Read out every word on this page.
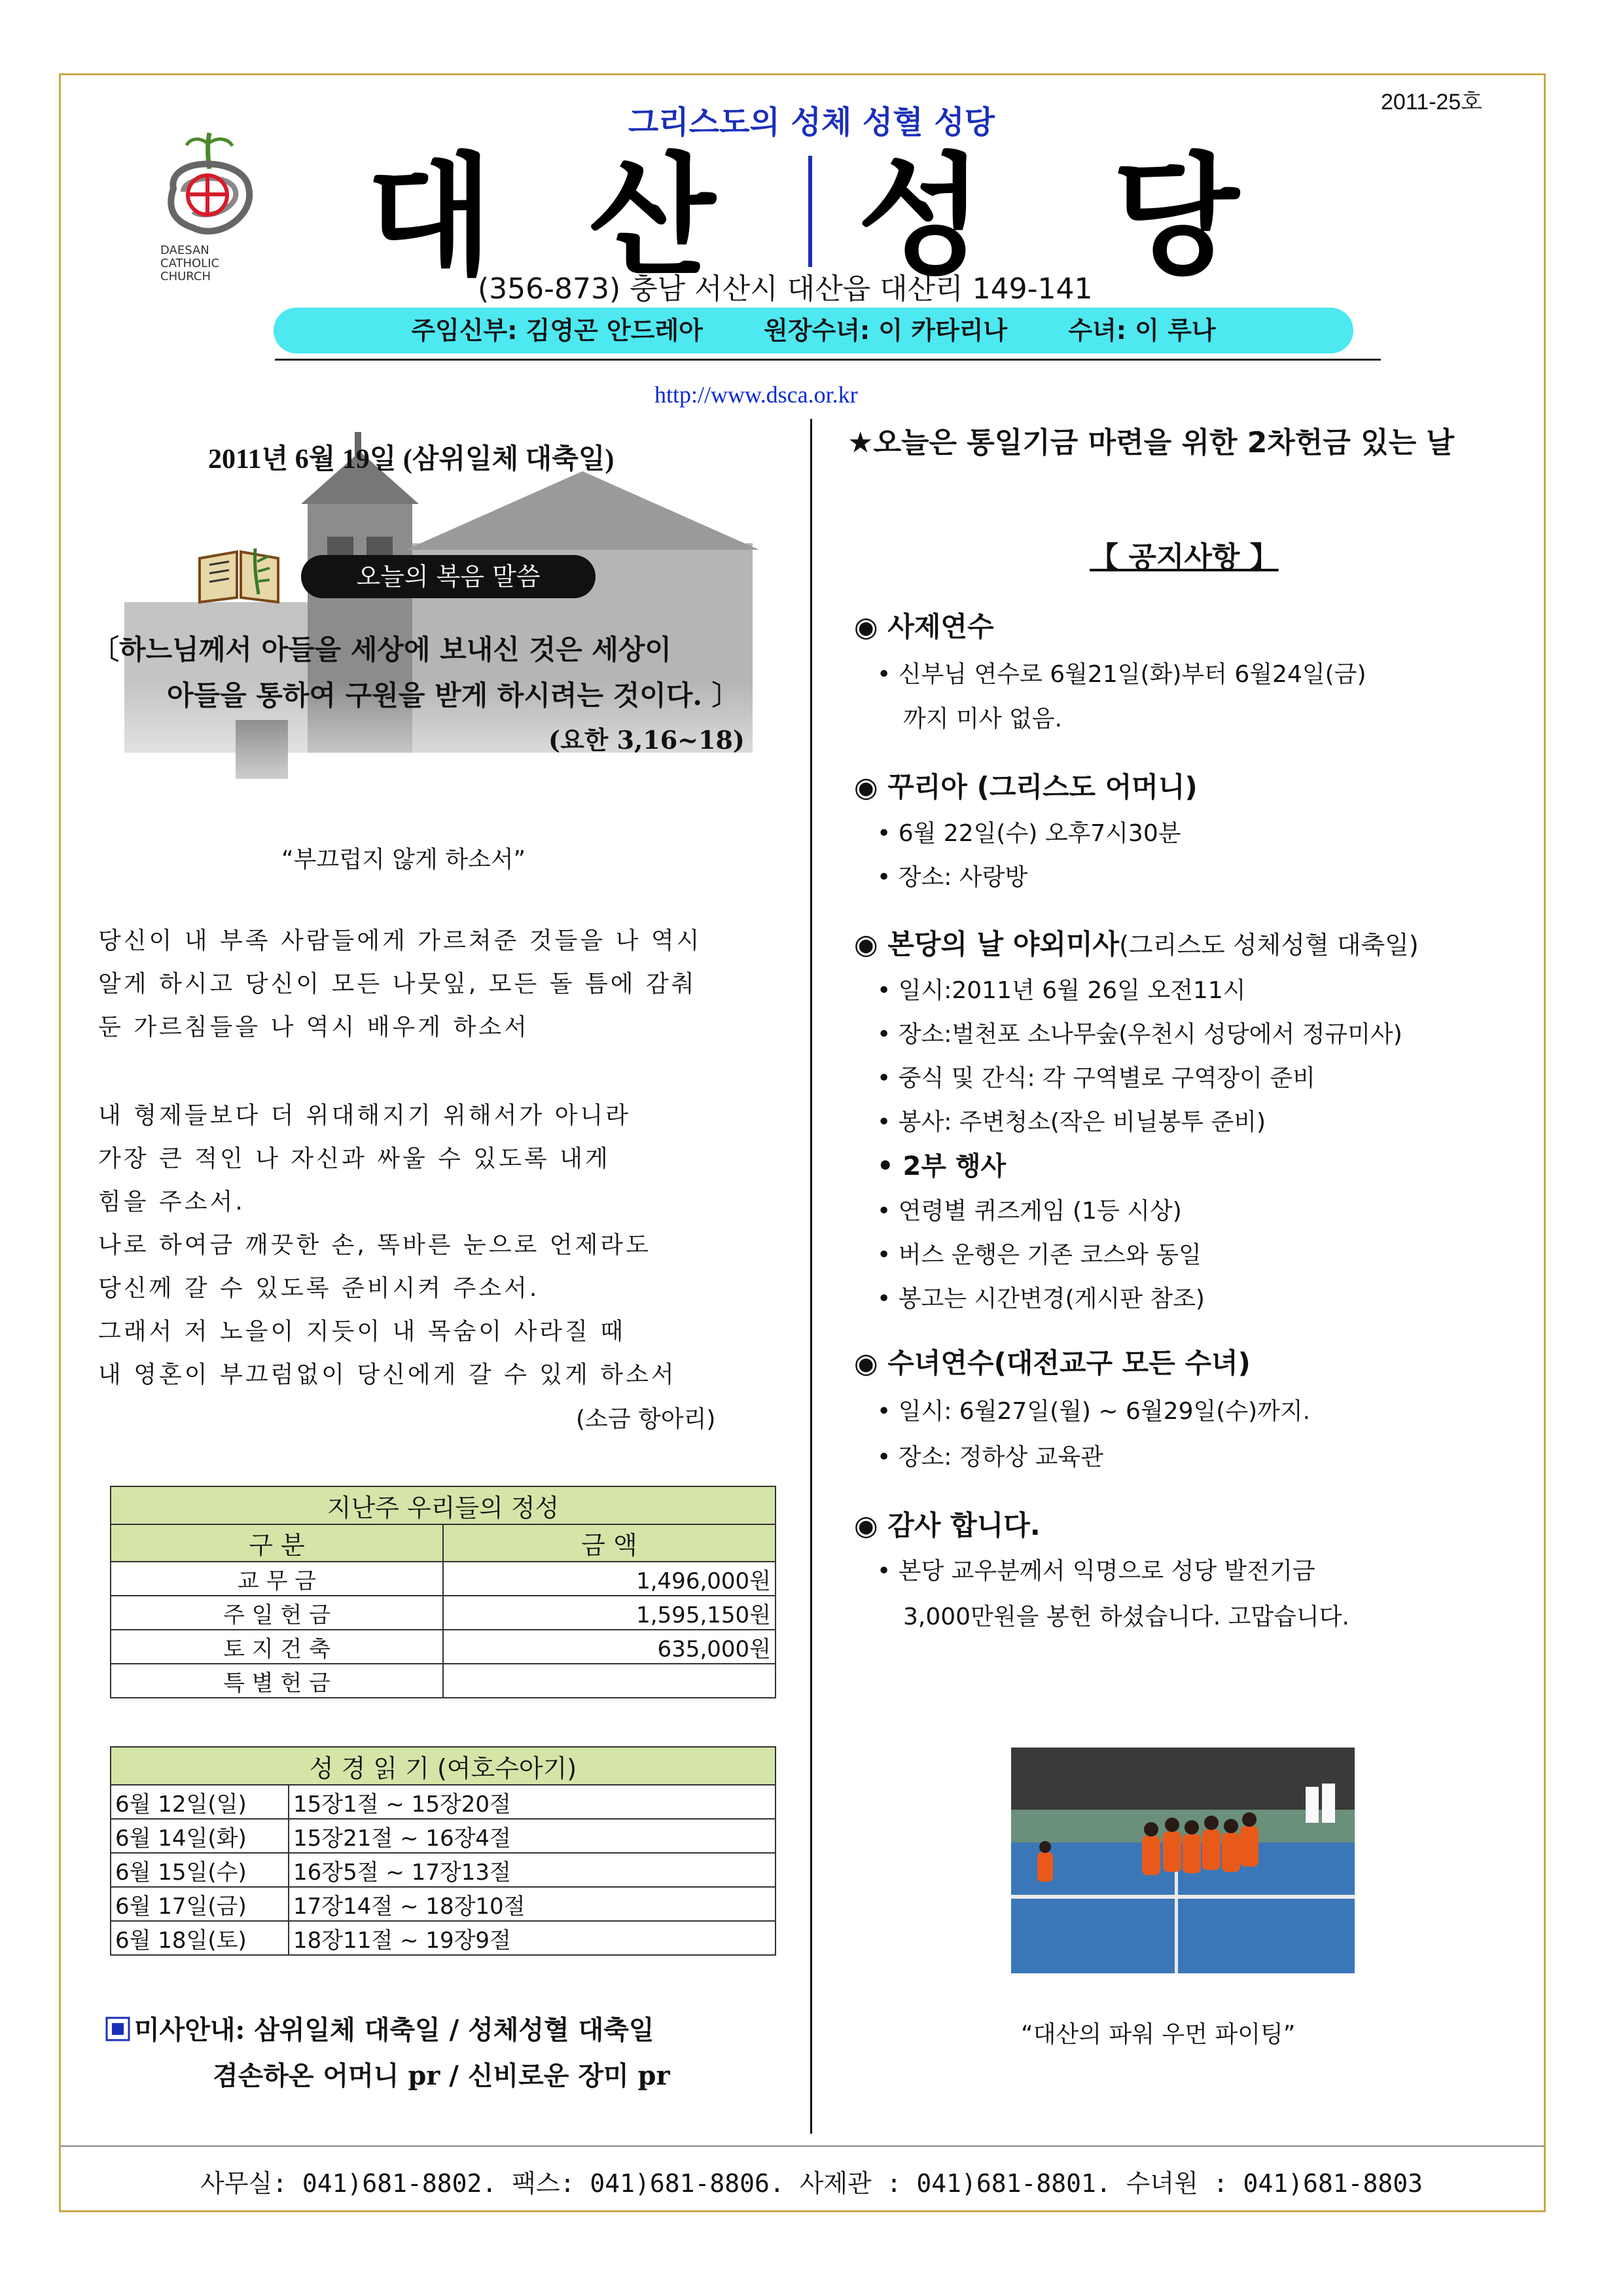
2011-25호
DAESAN
CATHOLIC
CHURCH
그리스도의 성체 성혈 성당
대 산 성 당
(356-873) 충남 서산시 대산읍 대산리 149-141
주임신부: 김영곤 안드레아 원장수녀: 이 카타리나 수녀: 이 루나
http://www.dsca.or.kr
2011년 6월 19일 (삼위일체 대축일)
오늘의 복음 말씀
〔하느님께서 아들을 세상에 보내신 것은 세상이
아들을 통하여 구원을 받게 하시려는 것이다. 〕
(요한 3,16~18)
“부끄럽지 않게 하소서”
당신이 내 부족 사람들에게 가르쳐준 것들을 나 역시
알게 하시고 당신이 모든 나뭇잎, 모든 돌 틈에 감춰
둔 가르침들을 나 역시 배우게 하소서
내 형제들보다 더 위대해지기 위해서가 아니라
가장 큰 적인 나 자신과 싸울 수 있도록 내게
힘을 주소서.
나로 하여금 깨끗한 손, 똑바른 눈으로 언제라도
당신께 갈 수 있도록 준비시켜 주소서.
그래서 저 노을이 지듯이 내 목숨이 사라질 때
내 영혼이 부끄럼없이 당신에게 갈 수 있게 하소서
(소금 항아리)
지난주 우리들의 정성	
구 분	금 액
교 무 금	1,496,000원
주 일 헌 금	1,595,150원
토 지 건 축	635,000원
특 별 헌 금	
성 경 읽 기 (여호수아기)	
6월 12일(일)	15장1절 ~ 15장20절
6월 14일(화)	15장21절 ~ 16장4절
6월 15일(수)	16장5절 ~ 17장13절
6월 17일(금)	17장14절 ~ 18장10절
6월 18일(토)	18장11절 ~ 19장9절
미사안내: 삼위일체 대축일 / 성체성혈 대축일
겸손하온 어머니 pr / 신비로운 장미 pr
★오늘은 통일기금 마련을 위한 2차헌금 있는 날
【 공지사항 】
◉ 사제연수
• 신부님 연수로 6월21일(화)부터 6월24일(금)
까지 미사 없음.
◉ 꾸리아 (그리스도 어머니)
• 6월 22일(수) 오후7시30분
• 장소: 사랑방
◉ 본당의 날 야외미사(그리스도 성체성혈 대축일)
• 일시:2011년 6월 26일 오전11시
• 장소:벌천포 소나무숲(우천시 성당에서 정규미사)
• 중식 및 간식: 각 구역별로 구역장이 준비
• 봉사: 주변청소(작은 비닐봉투 준비)
• 2부 행사
• 연령별 퀴즈게임 (1등 시상)
• 버스 운행은 기존 코스와 동일
• 봉고는 시간변경(게시판 참조)
◉ 수녀연수(대전교구 모든 수녀)
• 일시: 6월27일(월) ~ 6월29일(수)까지.
• 장소: 정하상 교육관
◉ 감사 합니다.
• 본당 교우분께서 익명으로 성당 발전기금
3,000만원을 봉헌 하셨습니다. 고맙습니다.
“대산의 파워 우먼 파이팅”
사무실: 041)681-8802. 팩스: 041)681-8806. 사제관 : 041)681-8801. 수녀원 : 041)681-8803
